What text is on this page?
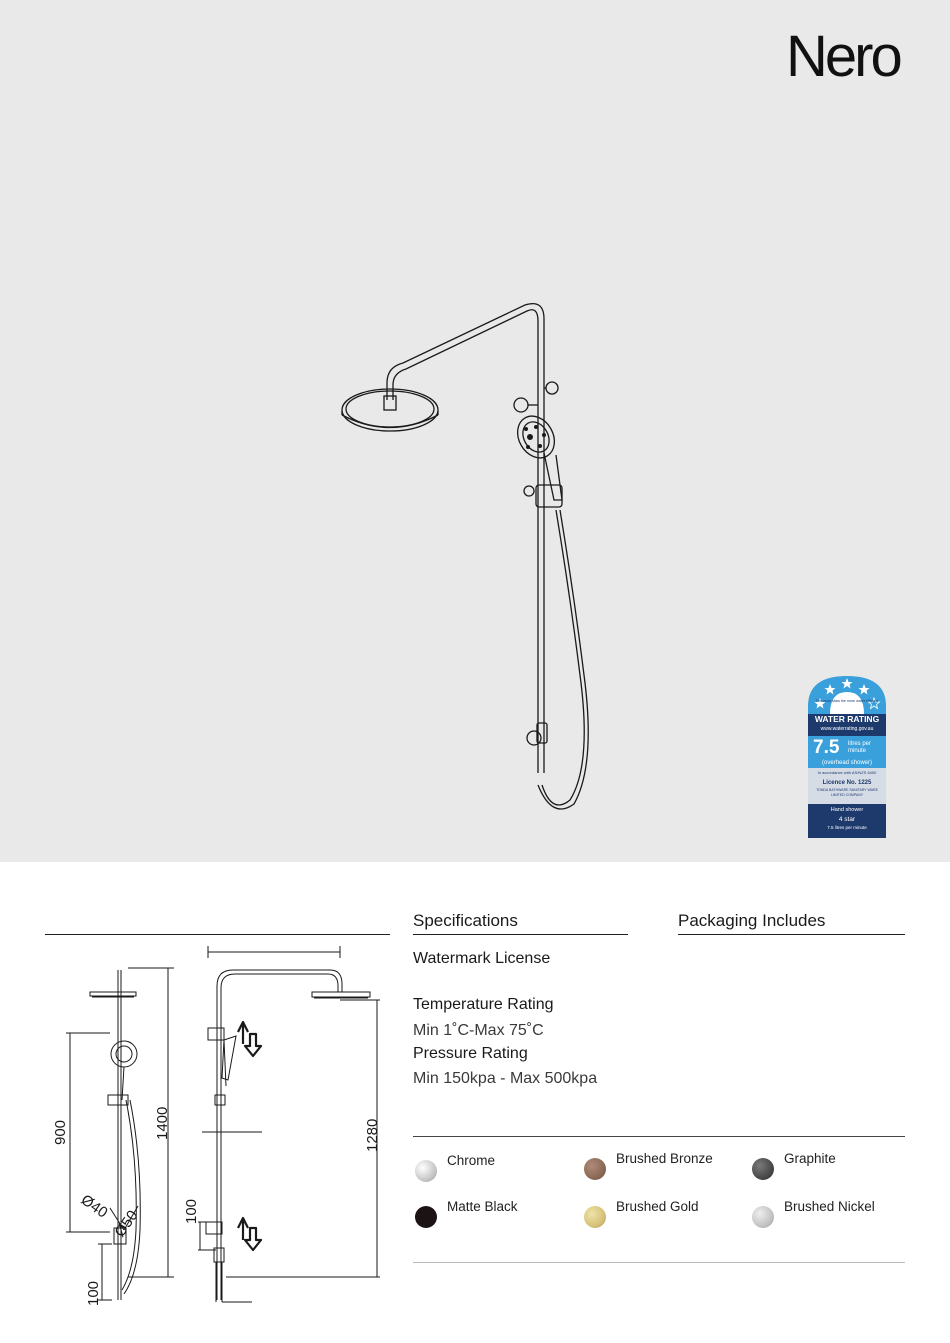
Nero
The more stars the more water efficient
WATER RATING
www.waterrating.gov.au
7.5 litres per minute
(overhead shower)
In accordance with AS/NZS 6400
Licence No. 1225
TONDA BATHWARE SANITARY WARE LIMITED COMPANY
Hand shower
4 star
7.5 litres per minute
Specifications	Packaging Includes
Watermark License
Temperature Rating
Min 1˚C-Max 75˚C
Pressure Rating
Min 150kpa - Max 500kpa
Chrome	Brushed Bronze	Graphite
Matte Black	Brushed Gold	Brushed Nickel
900	1400	1280
100
100
Ø40
Ø50
